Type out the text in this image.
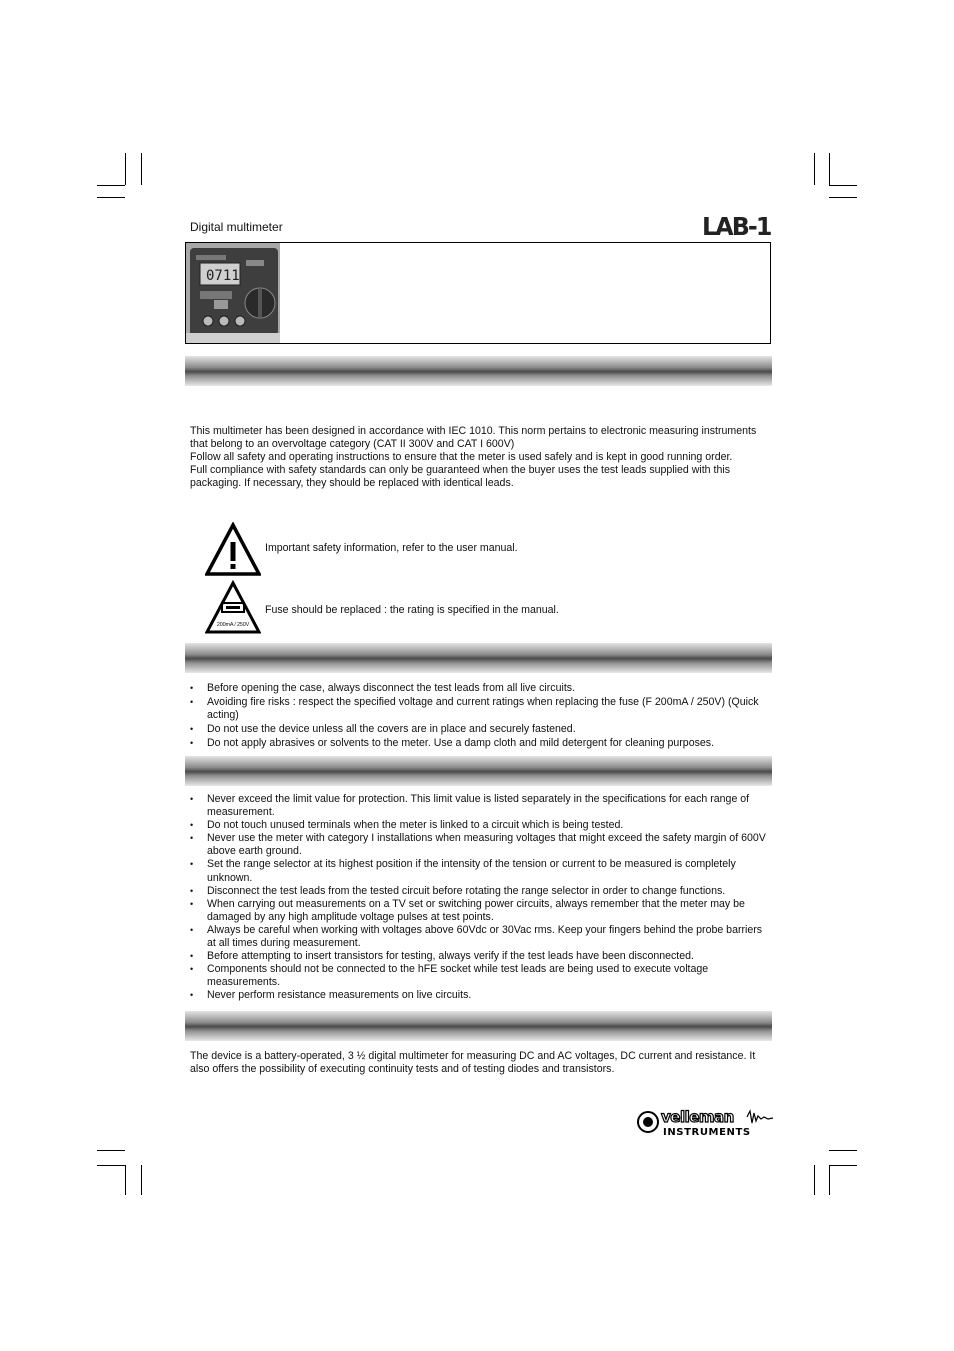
Digital multimeter	LAB-1
0711

This multimeter has been designed in accordance with IEC 1010. This norm pertains to electronic measuring instruments that belong to an overvoltage category (CAT II 300V and CAT I 600V)

Follow all safety and operating instructions to ensure that the meter is used safely and is kept in good running order.

Full compliance with safety standards can only be guaranteed when the buyer uses the test leads supplied with this packaging. If necessary, they should be replaced with identical leads.

Important safety information, refer to the user manual.
200mA / 250V
Fuse should be replaced : the rating is specified in the manual.
• Before opening the case, always disconnect the test leads from all live circuits.
• Avoiding fire risks : respect the specified voltage and current ratings when replacing the fuse (F 200mA / 250V) (Quick acting)
• Do not use the device unless all the covers are in place and securely fastened.
• Do not apply abrasives or solvents to the meter. Use a damp cloth and mild detergent for cleaning purposes.
• Never exceed the limit value for protection. This limit value is listed separately in the specifications for each range of measurement.
• Do not touch unused terminals when the meter is linked to a circuit which is being tested.
• Never use the meter with category I installations when measuring voltages that might exceed the safety margin of 600V above earth ground.
• Set the range selector at its highest position if the intensity of the tension or current to be measured is completely unknown.
• Disconnect the test leads from the tested circuit before rotating the range selector in order to change functions.
• When carrying out measurements on a TV set or switching power circuits, always remember that the meter may be damaged by any high amplitude voltage pulses at test points.
• Always be careful when working with voltages above 60Vdc or 30Vac rms. Keep your fingers behind the probe barriers at all times during measurement.
• Before attempting to insert transistors for testing, always verify if the test leads have been disconnected.
• Components should not be connected to the hFE socket while test leads are being used to execute voltage measurements.
• Never perform resistance measurements on live circuits.
The device is a battery-operated, 3 ½ digital multimeter for measuring DC and AC voltages, DC current and resistance. It also offers the possibility of executing continuity tests and of testing diodes and transistors.
velleman
INSTRUMENTS
